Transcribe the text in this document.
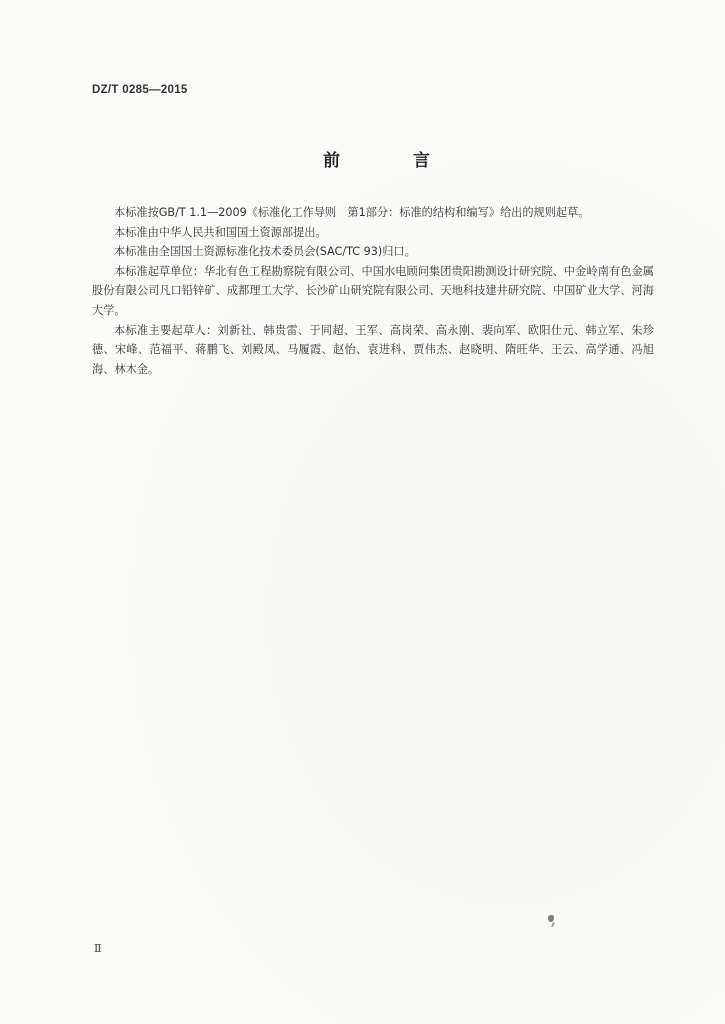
DZ/T 0285—2015
前　言

本标准按GB/T 1.1—2009《标准化工作导则　第1部分：标准的结构和编写》给出的规则起草。

本标准由中华人民共和国国土资源部提出。

本标准由全国国土资源标准化技术委员会(SAC/TC 93)归口。

本标准起草单位：华北有色工程勘察院有限公司、中国水电顾问集团贵阳勘测设计研究院、中金岭南有色金属股份有限公司凡口铅锌矿、成都理工大学、长沙矿山研究院有限公司、天地科技建井研究院、中国矿业大学、河海大学。

本标准主要起草人：刘新社、韩贵雷、于同超、王军、高岗荣、高永刚、裴向军、欧阳仕元、韩立军、朱珍德、宋峰、范福平、蒋鹏飞、刘殿凤、马履霞、赵怡、袁进科、贾伟杰、赵晓明、隋旺华、王云、高学通、冯旭海、林木金。

Ⅱ
